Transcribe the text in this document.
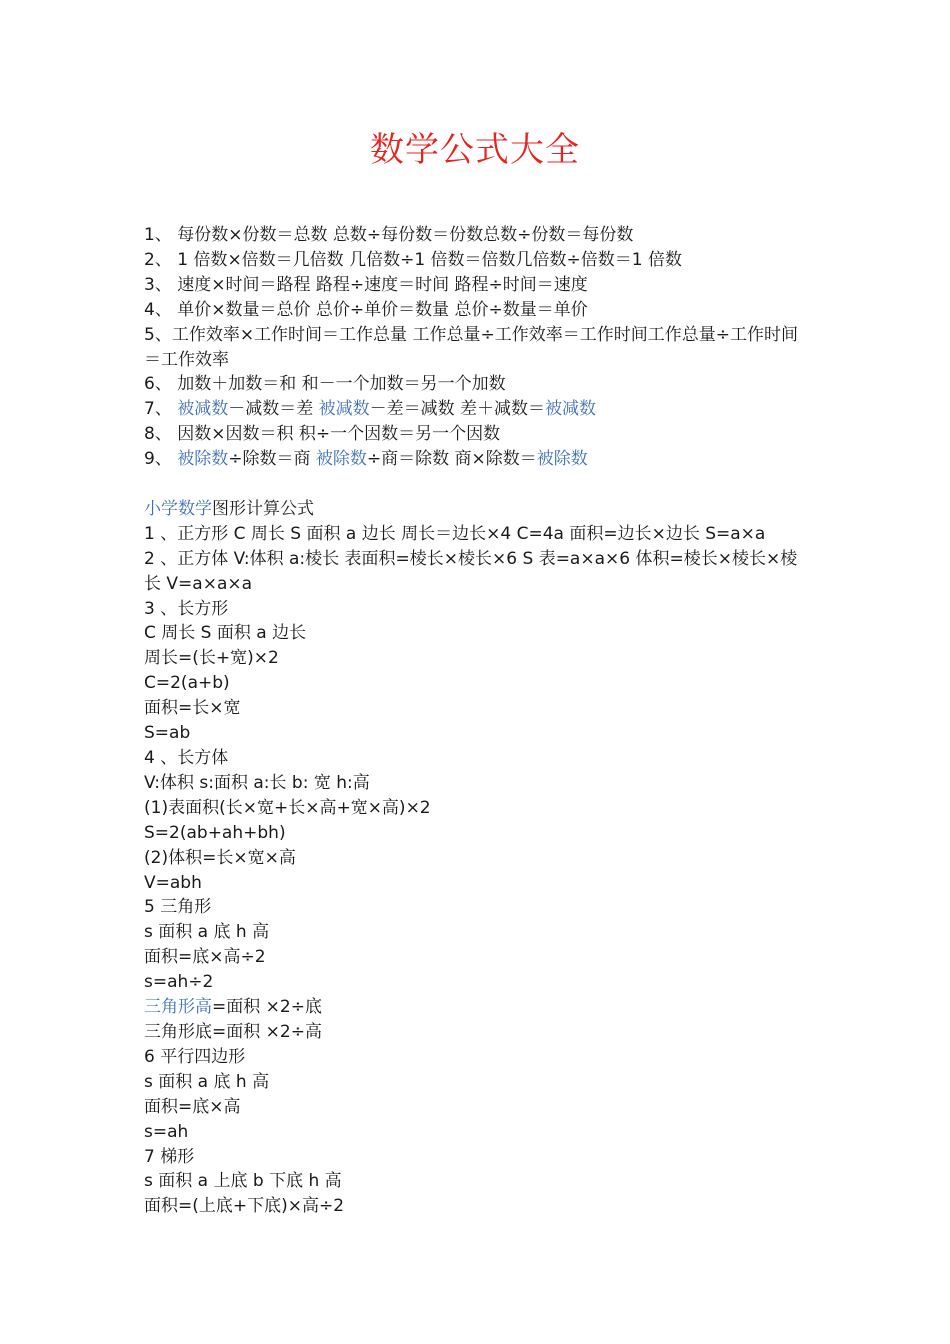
数学公式大全
1、 每份数×份数＝总数 总数÷每份数＝份数总数÷份数＝每份数
2、 1 倍数×倍数＝几倍数 几倍数÷1 倍数＝倍数几倍数÷倍数＝1 倍数
3、 速度×时间＝路程 路程÷速度＝时间 路程÷时间＝速度
4、 单价×数量＝总价 总价÷单价＝数量 总价÷数量＝单价
5、工作效率×工作时间＝工作总量 工作总量÷工作效率＝工作时间工作总量÷工作时间＝工作效率
6、 加数＋加数＝和 和－一个加数＝另一个加数
7、 被减数－减数＝差 被减数－差＝减数 差＋减数＝被减数
8、 因数×因数＝积 积÷一个因数＝另一个因数
9、 被除数÷除数＝商 被除数÷商＝除数 商×除数＝被除数
小学数学图形计算公式
1 、正方形 C 周长 S 面积 a 边长 周长＝边长×4 C=4a 面积=边长×边长 S=a×a
2 、正方体 V:体积 a:棱长 表面积=棱长×棱长×6 S 表=a×a×6 体积=棱长×棱长×棱长 V=a×a×a
3 、长方形
C 周长 S 面积 a 边长
周长=(长+宽)×2
C=2(a+b)
面积=长×宽
S=ab
4 、长方体
V:体积 s:面积 a:长 b: 宽 h:高
(1)表面积(长×宽+长×高+宽×高)×2
S=2(ab+ah+bh)
(2)体积=长×宽×高
V=abh
5 三角形
s 面积 a 底 h 高
面积=底×高÷2
s=ah÷2
三角形高=面积 ×2÷底
三角形底=面积 ×2÷高
6 平行四边形
s 面积 a 底 h 高
面积=底×高
s=ah
7 梯形
s 面积 a 上底 b 下底 h 高
面积=(上底+下底)×高÷2
